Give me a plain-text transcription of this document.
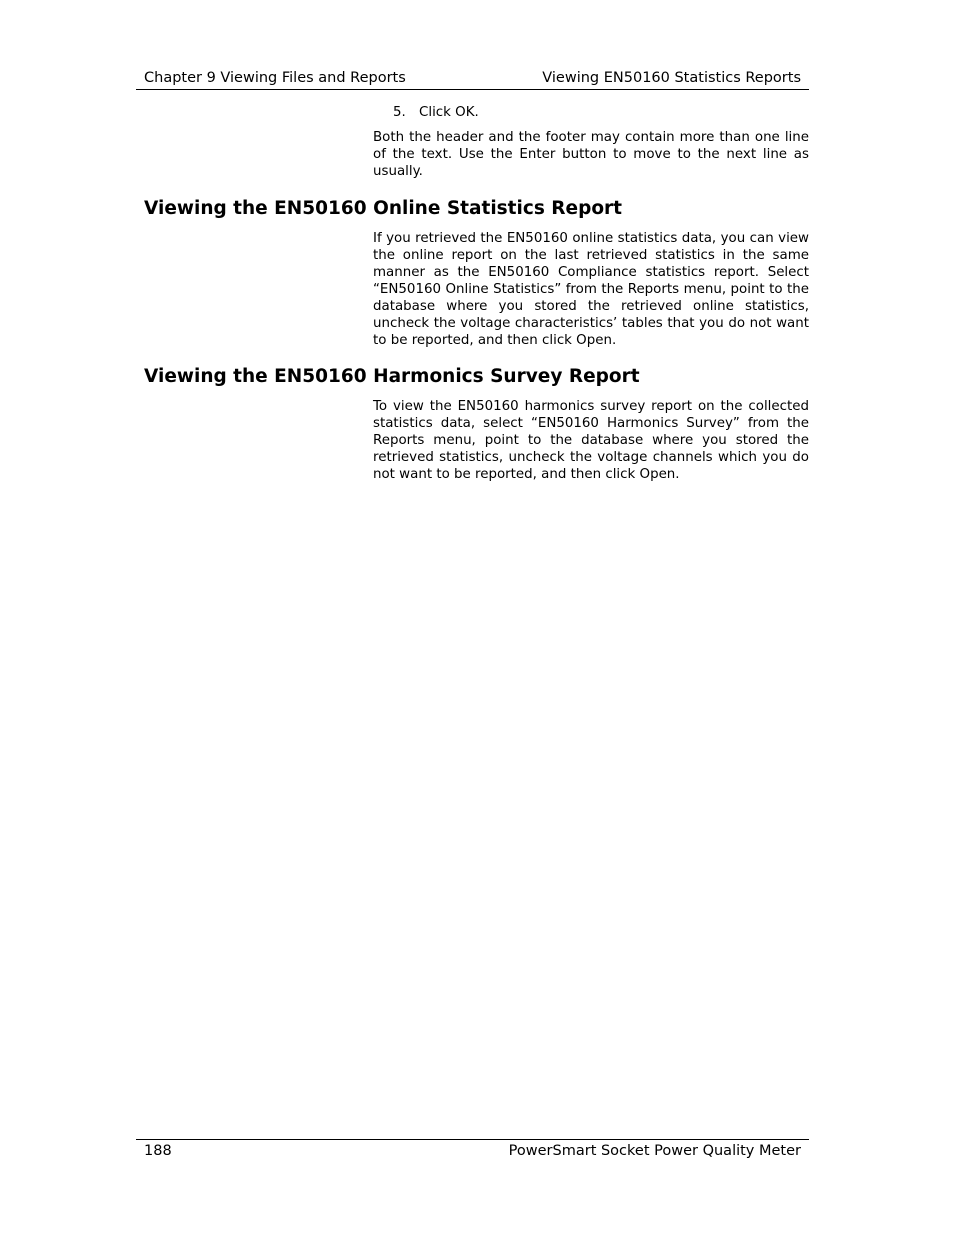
Chapter 9 Viewing Files and Reports	Viewing EN50160 Statistics Reports
5. Click OK.
Both the header and the footer may contain more than one line of the text. Use the Enter button to move to the next line as usually.
Viewing the EN50160 Online Statistics Report
If you retrieved the EN50160 online statistics data, you can view the online report on the last retrieved statistics in the same manner as the EN50160 Compliance statistics report. Select “EN50160 Online Statistics” from the Reports menu, point to the database where you stored the retrieved online statistics, uncheck the voltage characteristics’ tables that you do not want to be reported, and then click Open.
Viewing the EN50160 Harmonics Survey Report
To view the EN50160 harmonics survey report on the collected statistics data, select “EN50160 Harmonics Survey” from the Reports menu, point to the database where you stored the retrieved statistics, uncheck the voltage channels which you do not want to be reported, and then click Open.
188	PowerSmart Socket Power Quality Meter
